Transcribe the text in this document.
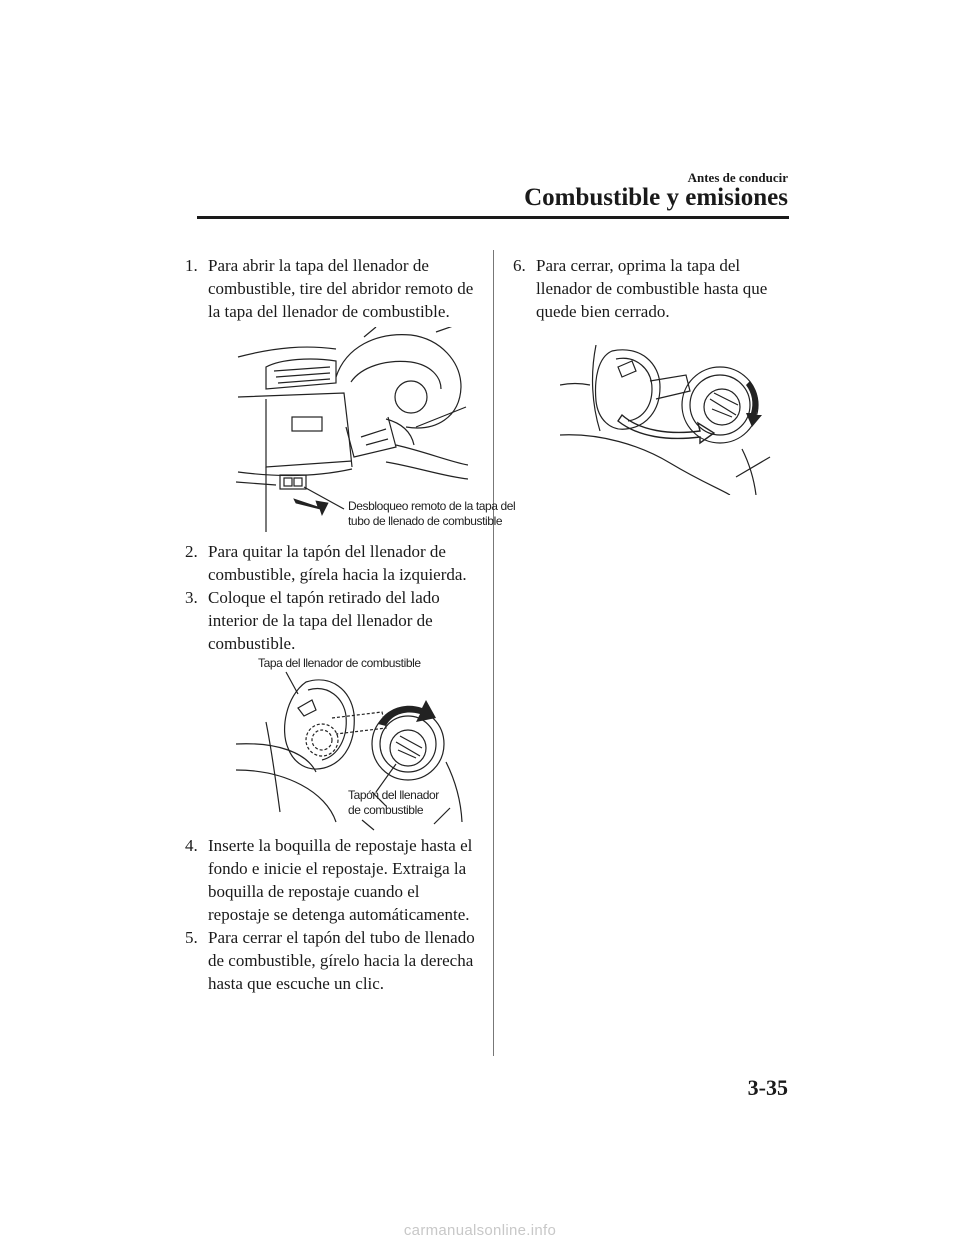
Antes de conducir
Combustible y emisiones
1. Para abrir la tapa del llenador de combustible, tire del abridor remoto de la tapa del llenador de combustible.
Desbloqueo remoto de la tapa del
tubo de llenado de combustible
2. Para quitar la tapón del llenador de combustible, gírela hacia la izquierda.
3. Coloque el tapón retirado del lado interior de la tapa del llenador de combustible.
Tapa del llenador de combustible
Tapón del llenador
de combustible
4. Inserte la boquilla de repostaje hasta el fondo e inicie el repostaje. Extraiga la boquilla de repostaje cuando el repostaje se detenga automáticamente.
5. Para cerrar el tapón del tubo de llenado de combustible, gírelo hacia la derecha hasta que escuche un clic.
6. Para cerrar, oprima la tapa del llenador de combustible hasta que quede bien cerrado.
3-35
carmanualsonline.info
